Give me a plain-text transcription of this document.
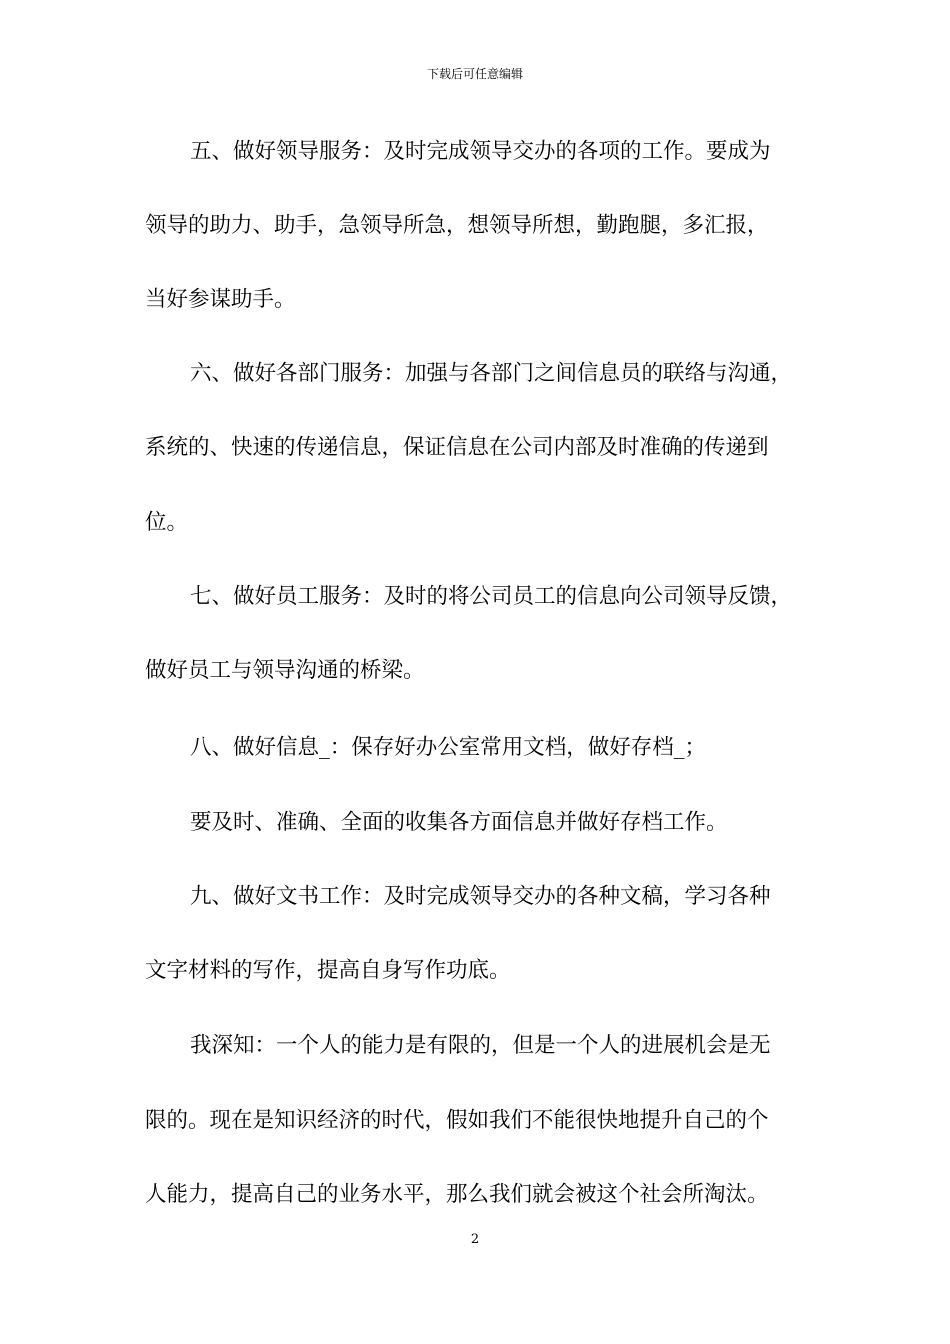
下载后可任意编辑
五、做好领导服务：及时完成领导交办的各项的工作。要成为
领导的助力、助手，急领导所急，想领导所想，勤跑腿，多汇报，
当好参谋助手。
六、做好各部门服务：加强与各部门之间信息员的联络与沟通，
系统的、快速的传递信息，保证信息在公司内部及时准确的传递到
位。
七、做好员工服务：及时的将公司员工的信息向公司领导反馈，
做好员工与领导沟通的桥梁。
八、做好信息_：保存好办公室常用文档，做好存档_；
要及时、准确、全面的收集各方面信息并做好存档工作。
九、做好文书工作：及时完成领导交办的各种文稿，学习各种
文字材料的写作，提高自身写作功底。
我深知：一个人的能力是有限的，但是一个人的进展机会是无
限的。现在是知识经济的时代，假如我们不能很快地提升自己的个
人能力，提高自己的业务水平，那么我们就会被这个社会所淘汰。
2
